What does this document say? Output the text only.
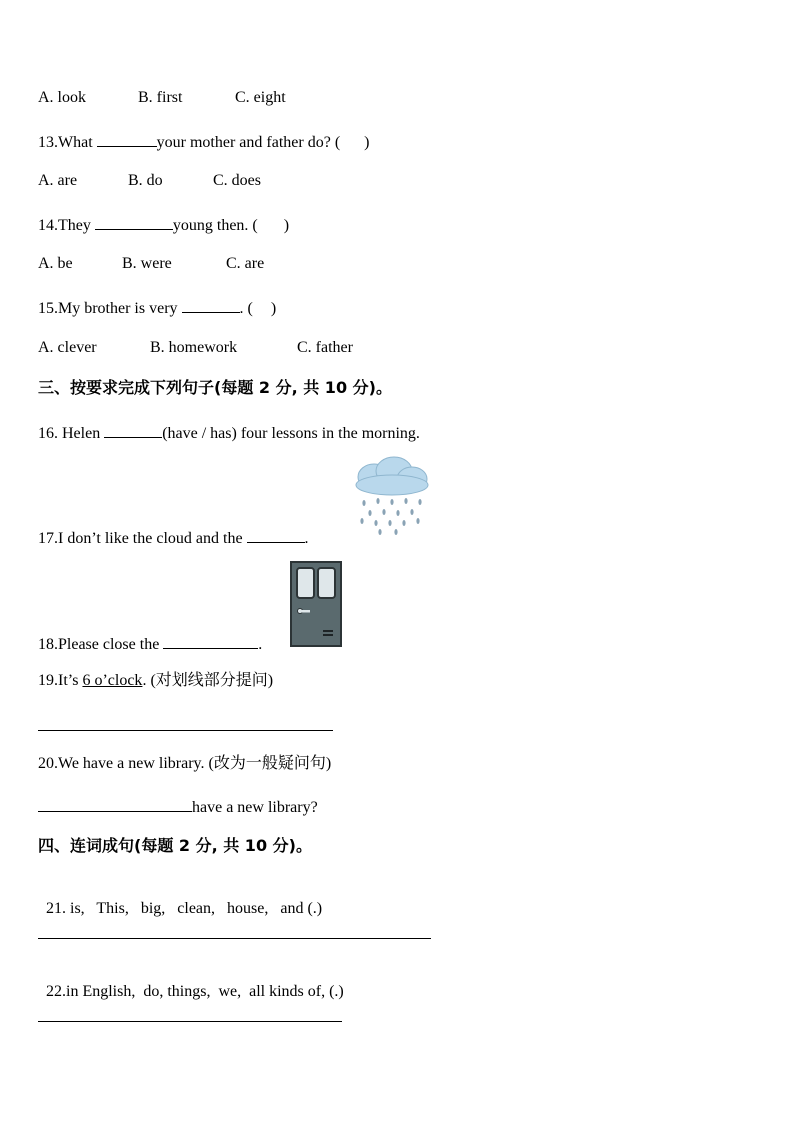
A. look	B. first	C. eight
13.What	your mother and father do? ( )
A. are	B. do	C. does
14.They	young then. ( )
A. be	B. were	C. are
15.My brother is very	. ( )
A. clever	B. homework	C. father
三、按要求完成下列句子(每题 2 分, 共 10 分)。
16. Helen	(have / has) four lessons in the morning.
17.I don’t like the cloud and the	.
18.Please close the	.
19.It’s 6 o’clock. (对划线部分提问)
20.We have a new library. (改为一般疑问句)
have a new library?
四、连词成句(每题 2 分, 共 10 分)。

21. is,   This,   big,   clean,   house,   and (.)

22.in English,  do, things,  we,  all kinds of, (.)
